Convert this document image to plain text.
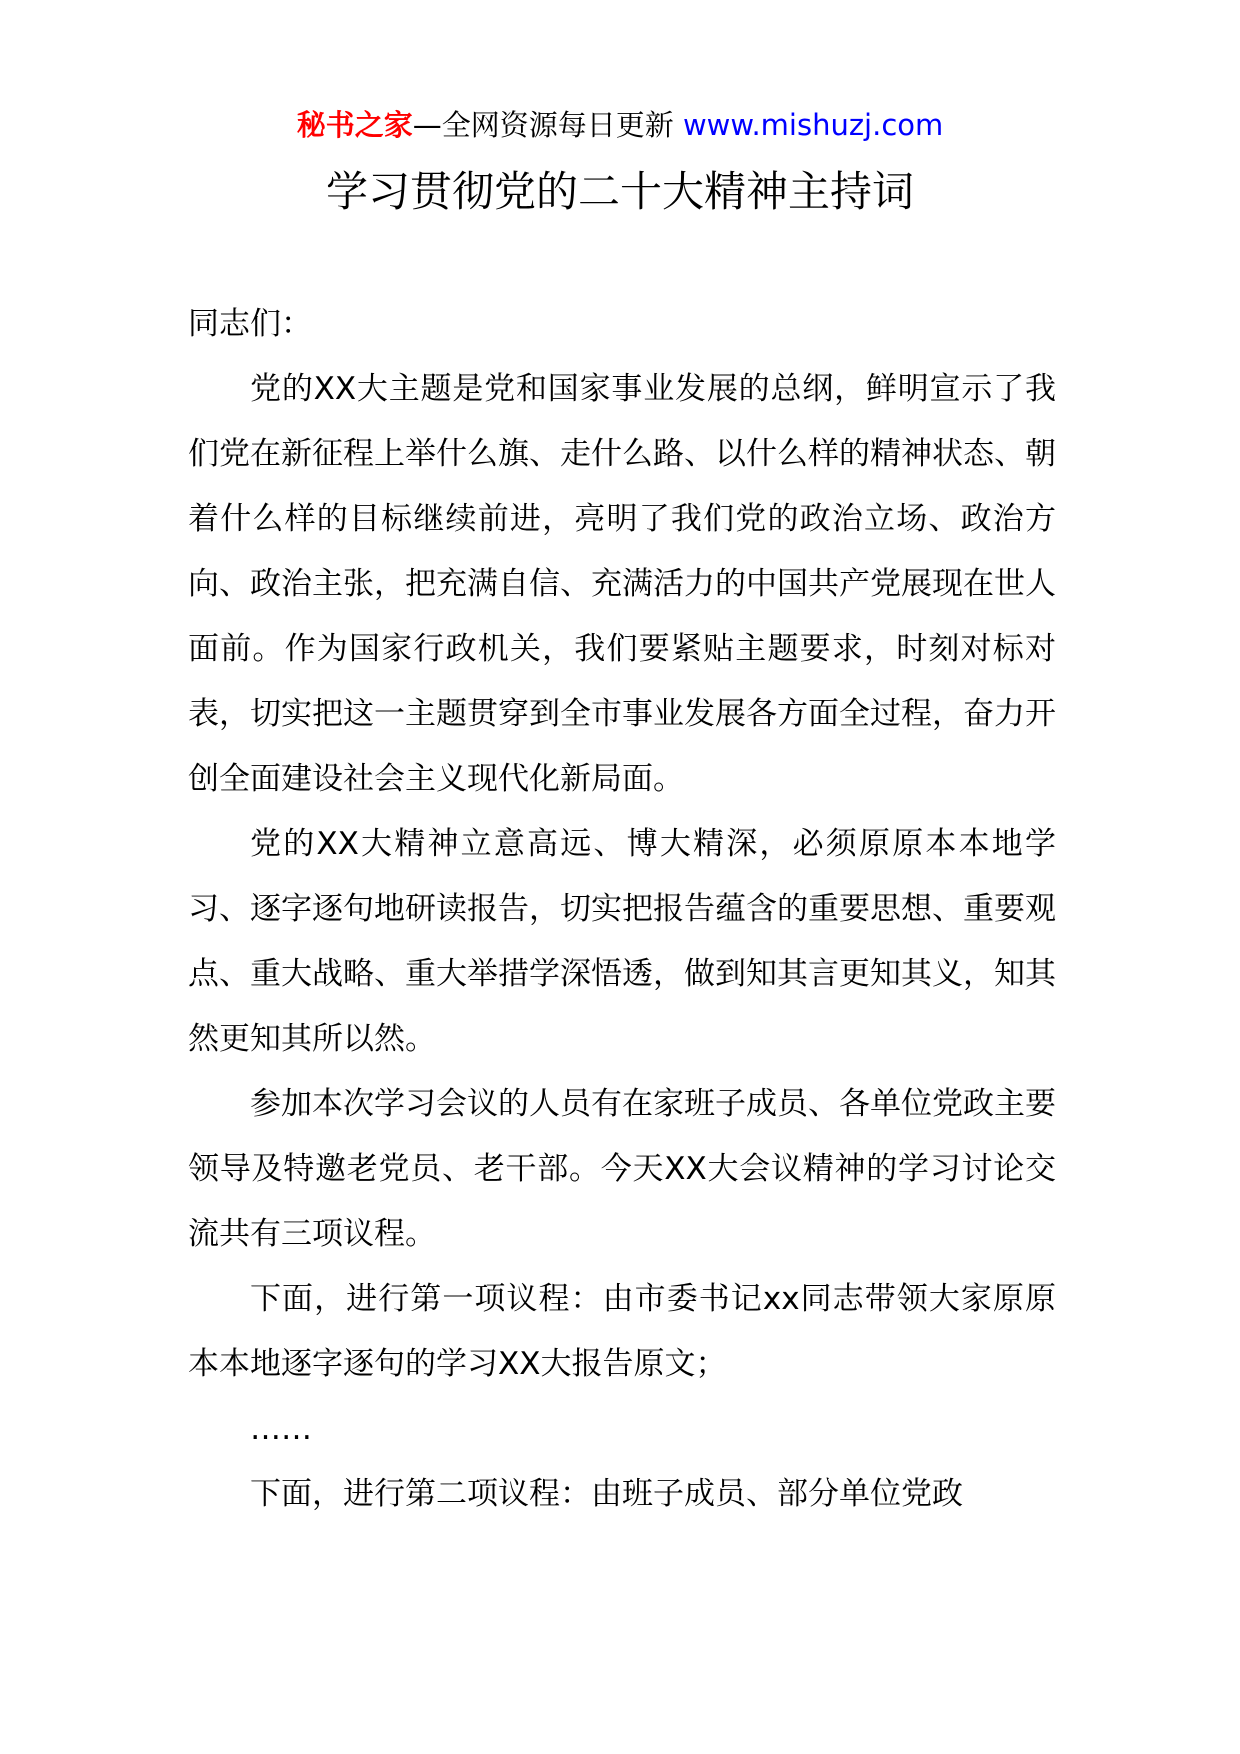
秘书之家—全网资源每日更新 www.mishuzj.com
学习贯彻党的二十大精神主持词

同志们：

党的XX大主题是党和国家事业发展的总纲，鲜明宣示了我们党在新征程上举什么旗、走什么路、以什么样的精神状态、朝着什么样的目标继续前进，亮明了我们党的政治立场、政治方向、政治主张，把充满自信、充满活力的中国共产党展现在世人面前。作为国家行政机关，我们要紧贴主题要求，时刻对标对表，切实把这一主题贯穿到全市事业发展各方面全过程，奋力开创全面建设社会主义现代化新局面。

党的XX大精神立意高远、博大精深，必须原原本本地学习、逐字逐句地研读报告，切实把报告蕴含的重要思想、重要观点、重大战略、重大举措学深悟透，做到知其言更知其义，知其然更知其所以然。

参加本次学习会议的人员有在家班子成员、各单位党政主要领导及特邀老党员、老干部。今天XX大会议精神的学习讨论交流共有三项议程。

下面，进行第一项议程：由市委书记xx同志带领大家原原本本地逐字逐句的学习XX大报告原文；

……

下面，进行第二项议程：由班子成员、部分单位党政
